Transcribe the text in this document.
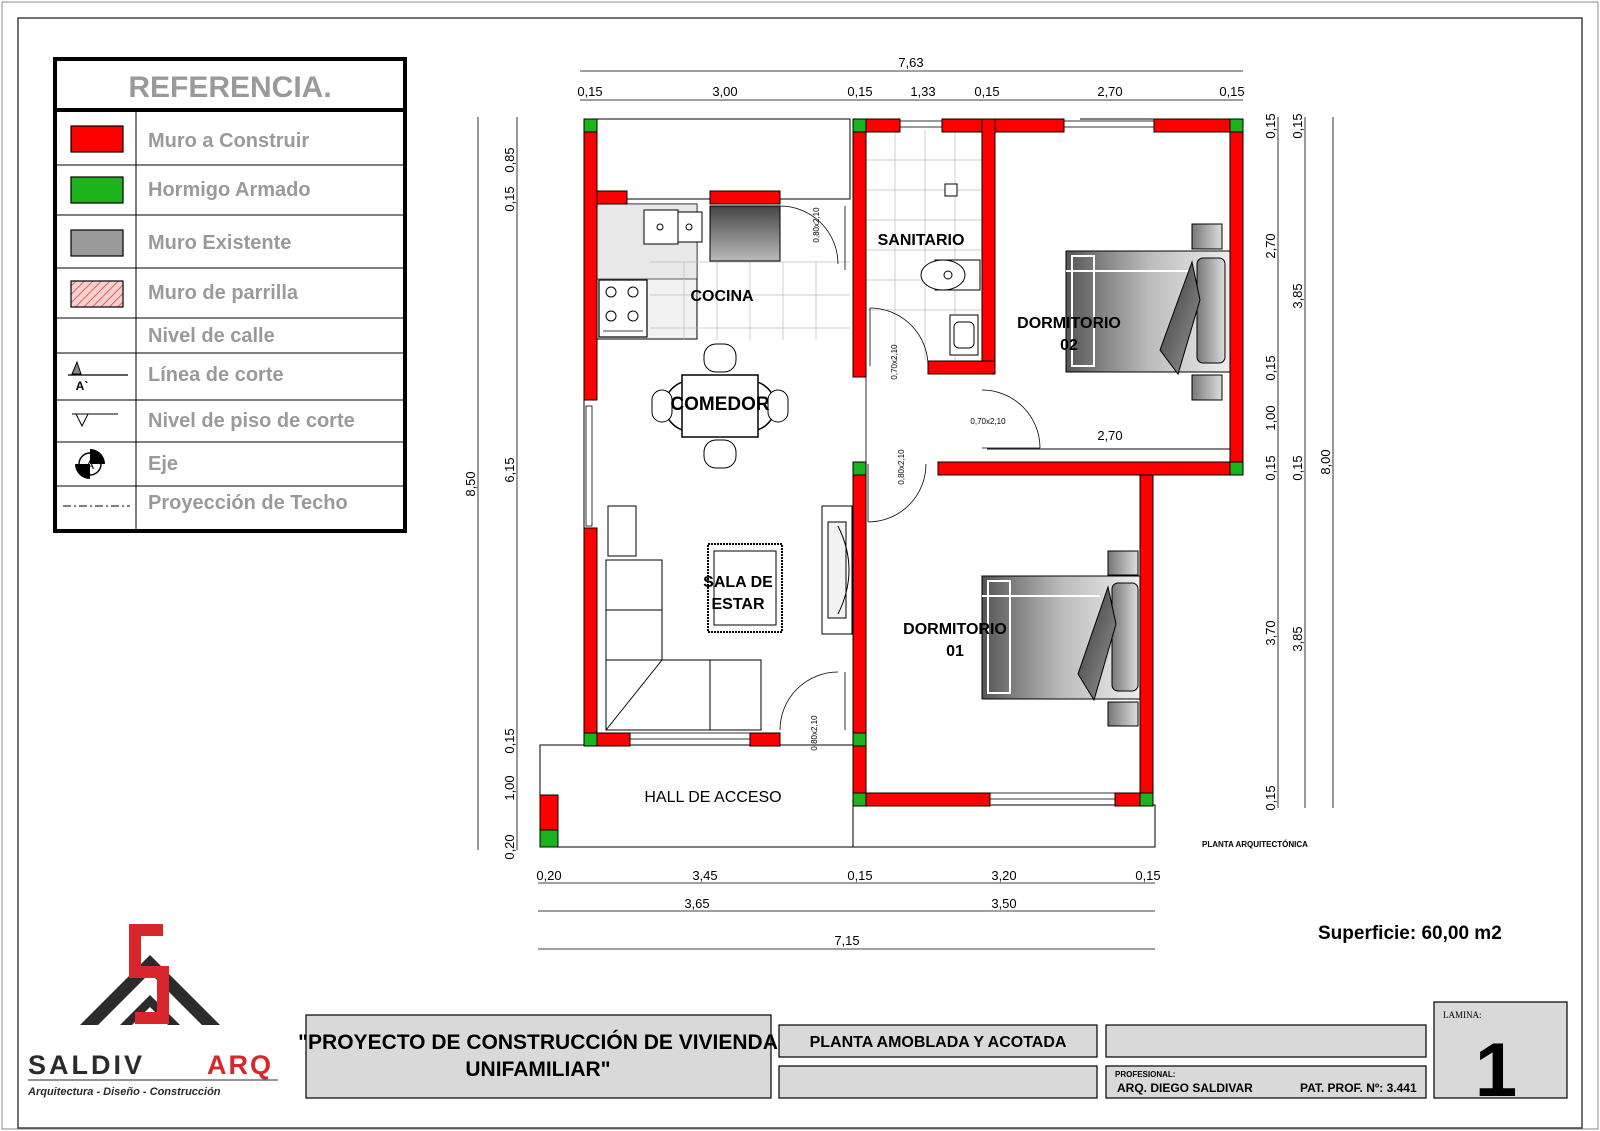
REFERENCIA.
A`
A
Muro a Construir
Hormigo Armado
Muro Existente
Muro de parrilla
Nivel de calle
Línea de corte
Nivel de piso de corte
Eje
Proyección de Techo
COCINA
COMEDOR
SANITARIO
DORMITORIO
02
DORMITORIO
01
SALA DE
ESTAR
HALL DE ACCESO
0,80x2,10
0,70x2,10
0,70x2,10
0,80x2,10
0,80x2,10
2,70
PLANTA ARQUITECTÓNICA
7,63
0,15	3,00	0,15	1,33	0,15	2,70	0,15
0,20	3,45	0,15	3,20	0,15
3,65	3,50
7,15
8,50
0,85
0,15
6,15
0,15
1,00
0,20
0,15
2,70
0,15
1,00
0,15
3,70
0,15
0,15
3,85
0,15
3,85
8,00
Superficie: 60,00 m2
SALDIV ARQ
Arquitectura - Diseño - Construcción
"PROYECTO DE CONSTRUCCIÓN DE VIVIENDA
UNIFAMILIAR"
PLANTA AMOBLADA Y ACOTADA
PROFESIONAL:
ARQ. DIEGO SALDIVAR	PAT. PROF. Nº: 3.441
LAMINA:
1
